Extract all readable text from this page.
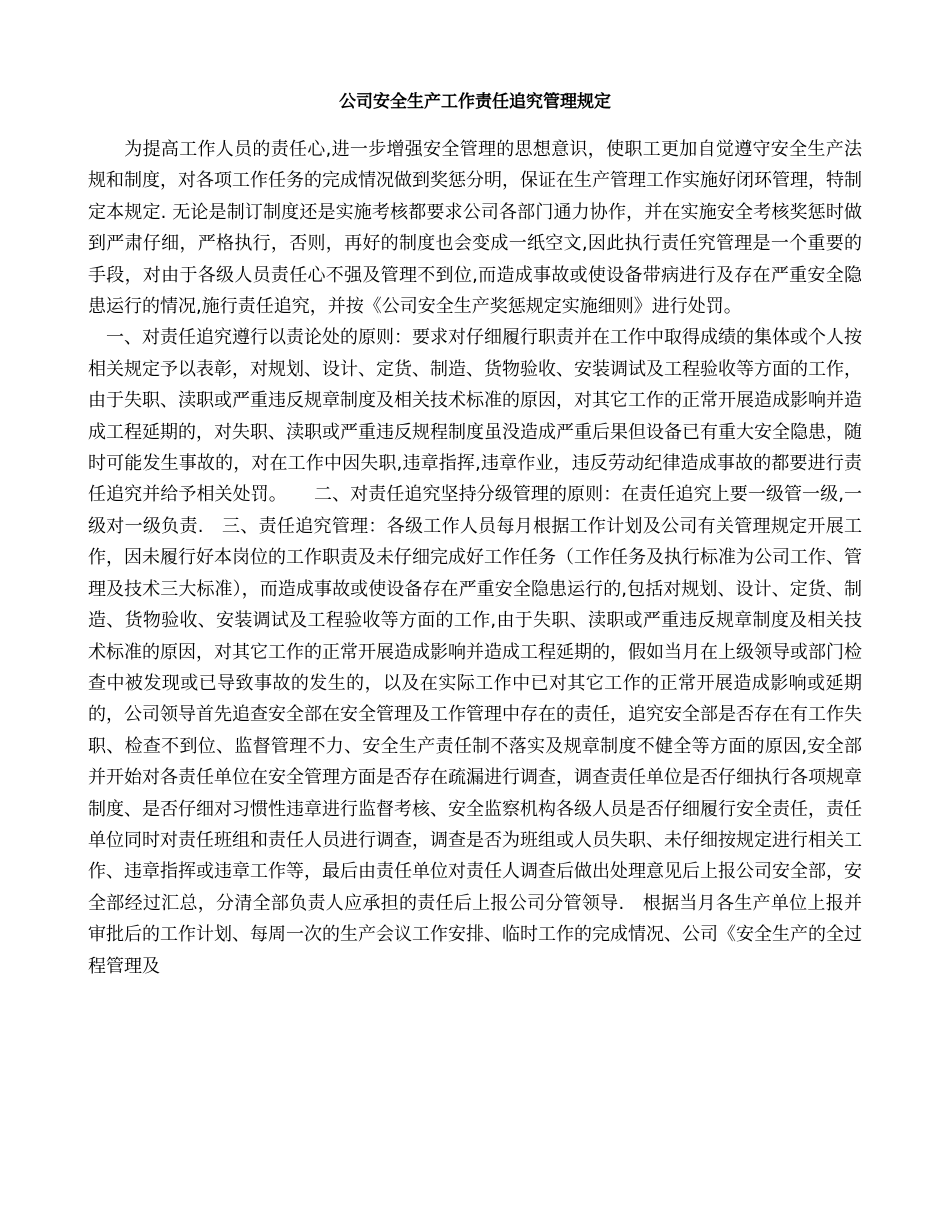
公司安全生产工作责任追究管理规定

为提高工作人员的责任心,进一步增强安全管理的思想意识，使职工更加自觉遵守安全生产法规和制度，对各项工作任务的完成情况做到奖惩分明，保证在生产管理工作实施好闭环管理，特制定本规定. 无论是制订制度还是实施考核都要求公司各部门通力协作，并在实施安全考核奖惩时做到严肃仔细，严格执行，否则，再好的制度也会变成一纸空文,因此执行责任究管理是一个重要的手段，对由于各级人员责任心不强及管理不到位,而造成事故或使设备带病进行及存在严重安全隐患运行的情况,施行责任追究，并按《公司安全生产奖惩规定实施细则》进行处罚。
一、对责任追究遵行以责论处的原则：要求对仔细履行职责并在工作中取得成绩的集体或个人按相关规定予以表彰，对规划、设计、定货、制造、货物验收、安装调试及工程验收等方面的工作，由于失职、渎职或严重违反规章制度及相关技术标准的原因，对其它工作的正常开展造成影响并造成工程延期的，对失职、渎职或严重违反规程制度虽没造成严重后果但设备已有重大安全隐患，随时可能发生事故的，对在工作中因失职,违章指挥,违章作业，违反劳动纪律造成事故的都要进行责任追究并给予相关处罚。　　二、对责任追究坚持分级管理的原则：在责任追究上要一级管一级,一级对一级负责.　三、责任追究管理：各级工作人员每月根据工作计划及公司有关管理规定开展工作，因未履行好本岗位的工作职责及未仔细完成好工作任务（工作任务及执行标准为公司工作、管理及技术三大标准），而造成事故或使设备存在严重安全隐患运行的,包括对规划、设计、定货、制造、货物验收、安装调试及工程验收等方面的工作,由于失职、渎职或严重违反规章制度及相关技术标准的原因，对其它工作的正常开展造成影响并造成工程延期的，假如当月在上级领导或部门检查中被发现或已导致事故的发生的，以及在实际工作中已对其它工作的正常开展造成影响或延期的，公司领导首先追查安全部在安全管理及工作管理中存在的责任，追究安全部是否存在有工作失职、检查不到位、监督管理不力、安全生产责任制不落实及规章制度不健全等方面的原因,安全部并开始对各责任单位在安全管理方面是否存在疏漏进行调查，调查责任单位是否仔细执行各项规章制度、是否仔细对习惯性违章进行监督考核、安全监察机构各级人员是否仔细履行安全责任，责任单位同时对责任班组和责任人员进行调查，调查是否为班组或人员失职、未仔细按规定进行相关工作、违章指挥或违章工作等，最后由责任单位对责任人调查后做出处理意见后上报公司安全部，安全部经过汇总，分清全部负责人应承担的责任后上报公司分管领导.　根据当月各生产单位上报并审批后的工作计划、每周一次的生产会议工作安排、临时工作的完成情况、公司《安全生产的全过程管理及
